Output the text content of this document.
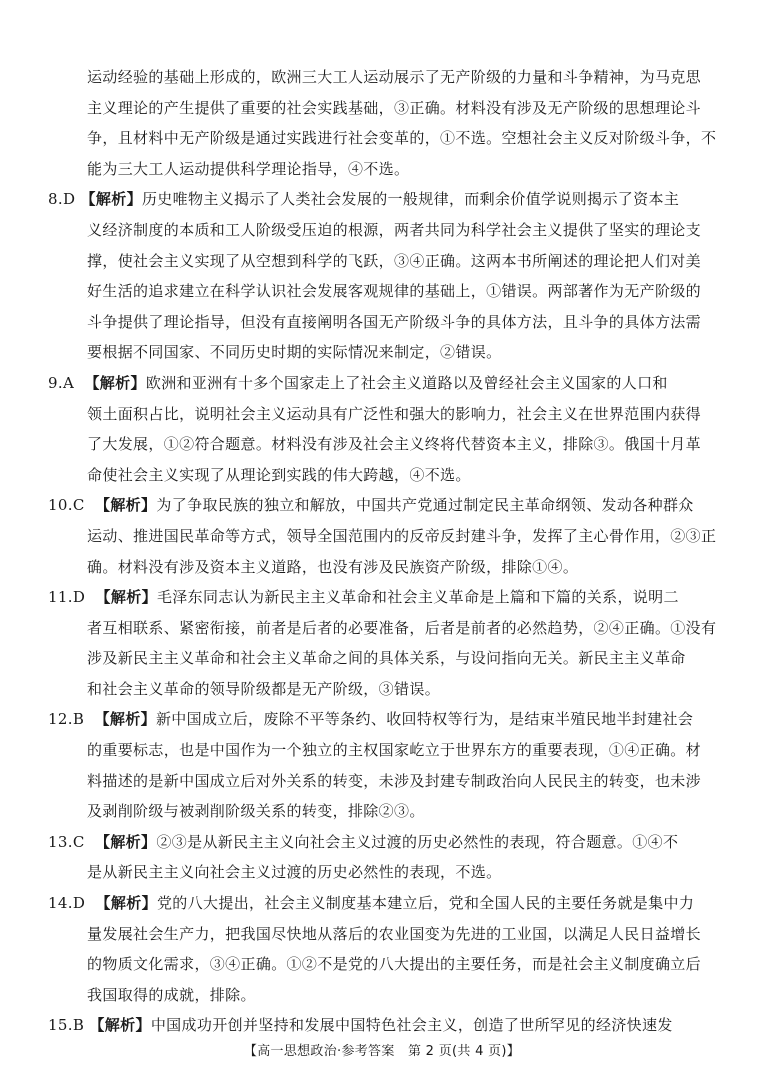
运动经验的基础上形成的，欧洲三大工人运动展示了无产阶级的力量和斗争精神，为马克思
主义理论的产生提供了重要的社会实践基础，③正确。材料没有涉及无产阶级的思想理论斗
争，且材料中无产阶级是通过实践进行社会变革的，①不选。空想社会主义反对阶级斗争，不
能为三大工人运动提供科学理论指导，④不选。
8.D 【解析】历史唯物主义揭示了人类社会发展的一般规律，而剩余价值学说则揭示了资本主
义经济制度的本质和工人阶级受压迫的根源，两者共同为科学社会主义提供了坚实的理论支
撑，使社会主义实现了从空想到科学的飞跃，③④正确。这两本书所阐述的理论把人们对美
好生活的追求建立在科学认识社会发展客观规律的基础上，①错误。两部著作为无产阶级的
斗争提供了理论指导，但没有直接阐明各国无产阶级斗争的具体方法，且斗争的具体方法需
要根据不同国家、不同历史时期的实际情况来制定，②错误。
9.A 【解析】欧洲和亚洲有十多个国家走上了社会主义道路以及曾经社会主义国家的人口和
领土面积占比，说明社会主义运动具有广泛性和强大的影响力，社会主义在世界范围内获得
了大发展，①②符合题意。材料没有涉及社会主义终将代替资本主义，排除③。俄国十月革
命使社会主义实现了从理论到实践的伟大跨越，④不选。
10.C 【解析】为了争取民族的独立和解放，中国共产党通过制定民主革命纲领、发动各种群众
运动、推进国民革命等方式，领导全国范围内的反帝反封建斗争，发挥了主心骨作用，②③正
确。材料没有涉及资本主义道路，也没有涉及民族资产阶级，排除①④。
11.D 【解析】毛泽东同志认为新民主主义革命和社会主义革命是上篇和下篇的关系，说明二
者互相联系、紧密衔接，前者是后者的必要准备，后者是前者的必然趋势，②④正确。①没有
涉及新民主主义革命和社会主义革命之间的具体关系，与设问指向无关。新民主主义革命
和社会主义革命的领导阶级都是无产阶级，③错误。
12.B 【解析】新中国成立后，废除不平等条约、收回特权等行为，是结束半殖民地半封建社会
的重要标志，也是中国作为一个独立的主权国家屹立于世界东方的重要表现，①④正确。材
料描述的是新中国成立后对外关系的转变，未涉及封建专制政治向人民民主的转变，也未涉
及剥削阶级与被剥削阶级关系的转变，排除②③。
13.C 【解析】②③是从新民主主义向社会主义过渡的历史必然性的表现，符合题意。①④不
是从新民主主义向社会主义过渡的历史必然性的表现，不选。
14.D 【解析】党的八大提出，社会主义制度基本建立后，党和全国人民的主要任务就是集中力
量发展社会生产力，把我国尽快地从落后的农业国变为先进的工业国，以满足人民日益增长
的物质文化需求，③④正确。①②不是党的八大提出的主要任务，而是社会主义制度确立后
我国取得的成就，排除。
15.B 【解析】中国成功开创并坚持和发展中国特色社会主义，创造了世所罕见的经济快速发
【高一思想政治·参考答案　第 2 页(共 4 页)】
